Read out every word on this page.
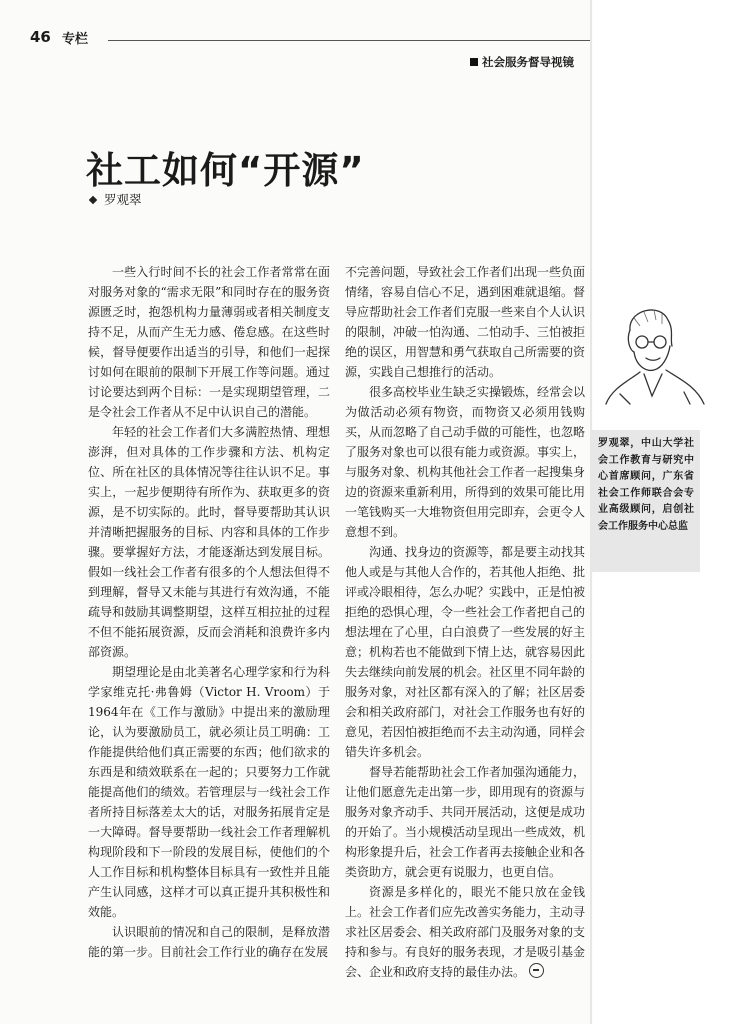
46 专栏
社会服务督导视镜
社工如何“开源”
罗观翠

一些入行时间不长的社会工作者常常在面对服务对象的“需求无限”和同时存在的服务资源匮乏时，抱怨机构力量薄弱或者相关制度支持不足，从而产生无力感、倦怠感。在这些时候，督导便要作出适当的引导，和他们一起探讨如何在眼前的限制下开展工作等问题。通过讨论要达到两个目标：一是实现期望管理，二是令社会工作者从不足中认识自己的潜能。

年轻的社会工作者们大多满腔热情、理想澎湃，但对具体的工作步骤和方法、机构定位、所在社区的具体情况等往往认识不足。事实上，一起步便期待有所作为、获取更多的资源，是不切实际的。此时，督导要帮助其认识并清晰把握服务的目标、内容和具体的工作步骤。要掌握好方法，才能逐渐达到发展目标。假如一线社会工作者有很多的个人想法但得不到理解，督导又未能与其进行有效沟通，不能疏导和鼓励其调整期望，这样互相拉扯的过程不但不能拓展资源，反而会消耗和浪费许多内部资源。

期望理论是由北美著名心理学家和行为科学家维克托·弗鲁姆（Victor H. Vroom）于1964年在《工作与激励》中提出来的激励理论，认为要激励员工，就必须让员工明确：工作能提供给他们真正需要的东西；他们欲求的东西是和绩效联系在一起的；只要努力工作就能提高他们的绩效。若管理层与一线社会工作者所持目标落差太大的话，对服务拓展肯定是一大障碍。督导要帮助一线社会工作者理解机构现阶段和下一阶段的发展目标，使他们的个人工作目标和机构整体目标具有一致性并且能产生认同感，这样才可以真正提升其积极性和效能。

认识眼前的情况和自己的限制，是释放潜能的第一步。目前社会工作行业的确存在发展

不完善问题，导致社会工作者们出现一些负面情绪，容易自信心不足，遇到困难就退缩。督导应帮助社会工作者们克服一些来自个人认识的限制，冲破一怕沟通、二怕动手、三怕被拒绝的误区，用智慧和勇气获取自己所需要的资源，实践自己想推行的活动。

很多高校毕业生缺乏实操锻炼，经常会以为做活动必须有物资，而物资又必须用钱购买，从而忽略了自己动手做的可能性，也忽略了服务对象也可以很有能力或资源。事实上，与服务对象、机构其他社会工作者一起搜集身边的资源来重新利用，所得到的效果可能比用一笔钱购买一大堆物资但用完即弃，会更令人意想不到。

沟通、找身边的资源等，都是要主动找其他人或是与其他人合作的，若其他人拒绝、批评或冷眼相待，怎么办呢？实践中，正是怕被拒绝的恐惧心理，令一些社会工作者把自己的想法埋在了心里，白白浪费了一些发展的好主意；机构若也不能做到下情上达，就容易因此失去继续向前发展的机会。社区里不同年龄的服务对象，对社区都有深入的了解；社区居委会和相关政府部门，对社会工作服务也有好的意见，若因怕被拒绝而不去主动沟通，同样会错失许多机会。

督导若能帮助社会工作者加强沟通能力，让他们愿意先走出第一步，即用现有的资源与服务对象齐动手、共同开展活动，这便是成功的开始了。当小规模活动呈现出一些成效，机构形象提升后，社会工作者再去接触企业和各类资助方，就会更有说服力，也更自信。

资源是多样化的，眼光不能只放在金钱上。社会工作者们应先改善实务能力，主动寻求社区居委会、相关政府部门及服务对象的支持和参与。有良好的服务表现，才是吸引基金会、企业和政府支持的最佳办法。

罗观翠，中山大学社会工作教育与研究中心首席顾问，广东省社会工作师联合会专业高级顾问，启创社会工作服务中心总监
